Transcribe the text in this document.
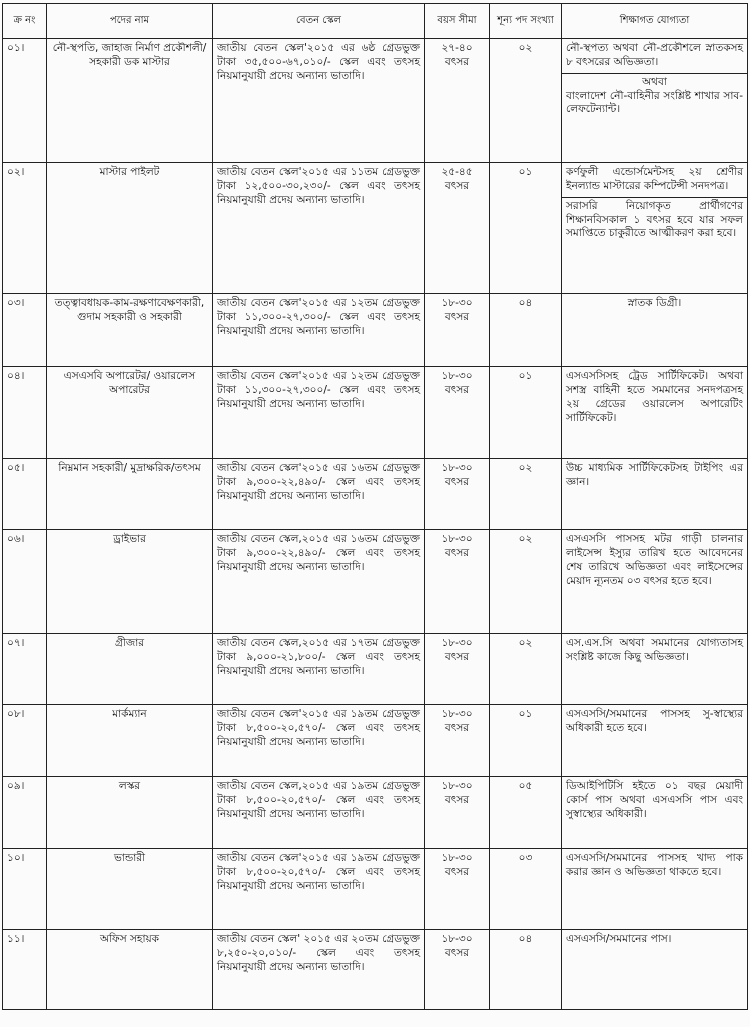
ক্র নং	পদের নাম	বেতন স্কেল	বয়স সীমা	শূন্য পদ সংখ্যা	শিক্ষাগত যোগ্যতা
০১।	নৌ-স্থপতি, জাহাজ নির্মাণ প্রকৌশলী/সহকারী ডক মাস্টার	জাতীয় বেতন স্কেল'২০১৫ এর ৬ষ্ঠ গ্রেডভুক্ত টাকা ৩৫,৫০০-৬৭,০১০/- স্কেল এবং তৎসহ নিয়মানুযায়ী প্রদেয় অন্যান্য ভাতাদি।	২৭-৪০ বৎসর	০২	নৌ-স্থপত্য অথবা নৌ-প্রকৌশলে স্নাতকসহ ৮ বৎসরের অভিজ্ঞতা।
অথবা
বাংলাদেশ নৌ-বাহিনীর সংশ্লিষ্ট শাখার সাব-লেফটেন্যান্ট।

০২।	মাস্টার পাইলট	জাতীয় বেতন স্কেল'২০১৫ এর ১১তম গ্রেডভুক্ত টাকা ১২,৫০০-৩০,২৩০/- স্কেল এবং তৎসহ নিয়মানুযায়ী প্রদেয় অন্যান্য ভাতাদি।	২৫-৪৫ বৎসর	০১	কর্ণফুলী এন্ডোর্সমেন্টসহ ২য় শ্রেণীর ইনল্যান্ড মাস্টারের কম্পিটেন্সী সনদপত্র।
সরাসরি নিয়োগকৃত প্রার্থীগণের শিক্ষানবিসকাল ১ বৎসর হবে যার সফল সমাপ্তিতে চাকুরীতে আত্মীকরণ করা হবে।

০৩।	তত্ত্বাবধায়ক-কাম-রক্ষণাবেক্ষণকারী, গুদাম সহকারী ও সহকারী	জাতীয় বেতন স্কেল'২০১৫ এর ১২তম গ্রেডভুক্ত টাকা ১১,৩০০-২৭,৩০০/- স্কেল এবং তৎসহ নিয়মানুযায়ী প্রদেয় অন্যান্য ভাতাদি।	১৮-৩০ বৎসর	০৪	স্নাতক ডিগ্রী।

০৪।	এসএসবি অপারেটর/ ওয়ারলেস অপারেটর	জাতীয় বেতন স্কেল'২০১৫ এর ১২তম গ্রেডভুক্ত টাকা ১১,৩০০-২৭,৩০০/- স্কেল এবং তৎসহ নিয়মানুযায়ী প্রদেয় অন্যান্য ভাতাদি।	১৮-৩০ বৎসর	০১	এসএসসিসহ ট্রেড সার্টিফিকেট। অথবা সশস্ত্র বাহিনী হতে সমমানের সনদপত্রসহ ২য় গ্রেডের ওয়ারলেস অপারেটিং সার্টিফিকেট।

০৫।	নিম্নমান সহকারী/ মুদ্রাক্ষরিক/তৎসম	জাতীয় বেতন স্কেল'২০১৫ এর ১৬তম গ্রেডভুক্ত টাকা ৯,৩০০-২২,৪৯০/- স্কেল এবং তৎসহ নিয়মানুযায়ী প্রদেয় অন্যান্য ভাতাদি।	১৮-৩০ বৎসর	০২	উচ্চ মাধ্যমিক সার্টিফিকেটসহ টাইপিং এর জ্ঞান।

০৬।	ড্রাইভার	জাতীয় বেতন স্কেল,২০১৫ এর ১৬তম গ্রেডভুক্ত টাকা ৯,৩০০-২২,৪৯০/- স্কেল এবং তৎসহ নিয়মানুযায়ী প্রদেয় অন্যান্য ভাতাদি।	১৮-৩০ বৎসর	০২	এসএসসি পাসসহ মটর গাড়ী চালনার লাইসেন্স ইস্যুর তারিখ হতে আবেদনের শেষ তারিখে অভিজ্ঞতা এবং লাইসেন্সের মেয়াদ ন্যূনতম ০৩ বৎসর হতে হবে।

০৭।	গ্রীজার	জাতীয় বেতন স্কেল,২০১৫ এর ১৭তম গ্রেডভুক্ত টাকা ৯,০০০-২১,৮০০/- স্কেল এবং তৎসহ নিয়মানুযায়ী প্রদেয় অন্যান্য ভাতাদি।	১৮-৩০ বৎসর	০২	এস.এস.সি অথবা সমমানের যোগ্যতাসহ সংশ্লিষ্ট কাজে কিছু অভিজ্ঞতা।

০৮।	মার্কম্যান	জাতীয় বেতন স্কেল'২০১৫ এর ১৯তম গ্রেডভুক্ত টাকা ৮,৫০০-২০,৫৭০/- স্কেল এবং তৎসহ নিয়মানুযায়ী প্রদেয় অন্যান্য ভাতাদি।	১৮-৩০ বৎসর	০১	এসএসসি/সমমানের পাসসহ সু-স্বাস্থ্যের অধিকারী হতে হবে।

০৯।	লস্কর	জাতীয় বেতন স্কেল,২০১৫ এর ১৯তম গ্রেডভুক্ত টাকা ৮,৫০০-২০,৫৭০/- স্কেল এবং তৎসহ নিয়মানুযায়ী প্রদেয় অন্যান্য ভাতাদি।	১৮-৩০ বৎসর	০৫	ডিআইপিটিসি হইতে ০১ বছর মেয়াদী কোর্স পাস অথবা এসএসসি পাস এবং সুস্বাস্থ্যের অধিকারী।

১০।	ভান্ডারী	জাতীয় বেতন স্কেল'২০১৫ এর ১৯তম গ্রেডভুক্ত টাকা ৮,৫০০-২০,৫৭০/- স্কেল এবং তৎসহ নিয়মানুযায়ী প্রদেয় অন্যান্য ভাতাদি।	১৮-৩০ বৎসর	০৩	এসএসসি/সমমানের পাসসহ খাদ্য পাক করার জ্ঞান ও অভিজ্ঞতা থাকতে হবে।

১১।	অফিস সহায়ক	জাতীয় বেতন স্কেল' ২০১৫ এর ২০তম গ্রেডভুক্ত ৮,২৫০-২০,০১০/- স্কেল এবং তৎসহ নিয়মানুযায়ী প্রদেয় অন্যান্য ভাতাদি।	১৮-৩০ বৎসর	০৪	এসএসসি/সমমানের পাস।
